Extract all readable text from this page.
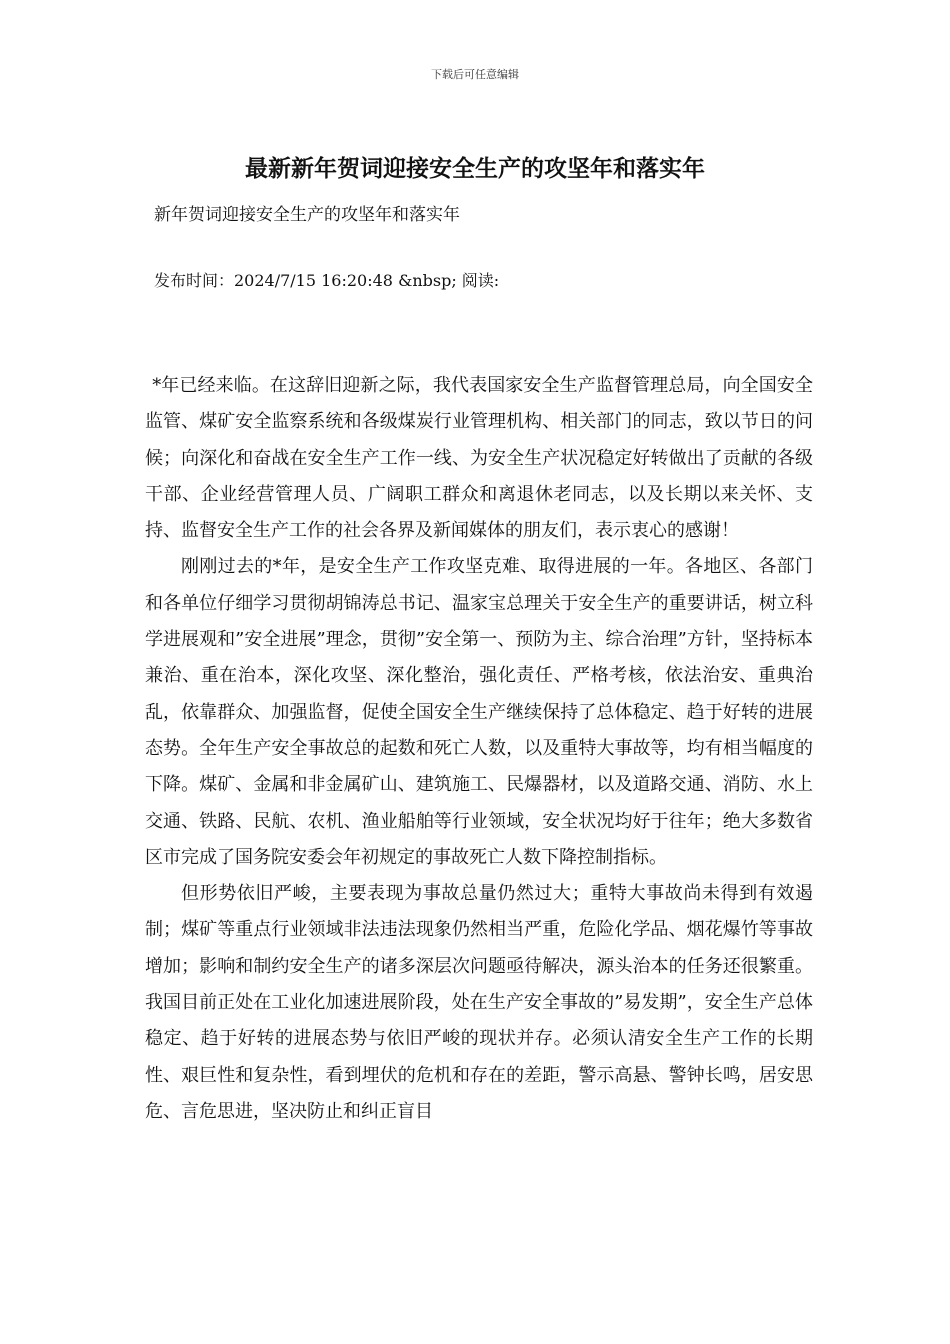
下载后可任意编辑
最新新年贺词迎接安全生产的攻坚年和落实年
新年贺词迎接安全生产的攻坚年和落实年
发布时间：2024/7/15 16:20:48 &nbsp; 阅读:

*年已经来临。在这辞旧迎新之际，我代表国家安全生产监督管理总局，向全国安全监管、煤矿安全监察系统和各级煤炭行业管理机构、相关部门的同志，致以节日的问候；向深化和奋战在安全生产工作一线、为安全生产状况稳定好转做出了贡献的各级干部、企业经营管理人员、广阔职工群众和离退休老同志，以及长期以来关怀、支持、监督安全生产工作的社会各界及新闻媒体的朋友们，表示衷心的感谢！

刚刚过去的*年，是安全生产工作攻坚克难、取得进展的一年。各地区、各部门和各单位仔细学习贯彻胡锦涛总书记、温家宝总理关于安全生产的重要讲话，树立科学进展观和”安全进展”理念，贯彻”安全第一、预防为主、综合治理”方针，坚持标本兼治、重在治本，深化攻坚、深化整治，强化责任、严格考核，依法治安、重典治乱，依靠群众、加强监督，促使全国安全生产继续保持了总体稳定、趋于好转的进展态势。全年生产安全事故总的起数和死亡人数，以及重特大事故等，均有相当幅度的下降。煤矿、金属和非金属矿山、建筑施工、民爆器材，以及道路交通、消防、水上交通、铁路、民航、农机、渔业船舶等行业领域，安全状况均好于往年；绝大多数省区市完成了国务院安委会年初规定的事故死亡人数下降控制指标。

但形势依旧严峻，主要表现为事故总量仍然过大；重特大事故尚未得到有效遏制；煤矿等重点行业领域非法违法现象仍然相当严重，危险化学品、烟花爆竹等事故增加；影响和制约安全生产的诸多深层次问题亟待解决，源头治本的任务还很繁重。我国目前正处在工业化加速进展阶段，处在生产安全事故的”易发期”，安全生产总体稳定、趋于好转的进展态势与依旧严峻的现状并存。必须认清安全生产工作的长期性、艰巨性和复杂性，看到埋伏的危机和存在的差距，警示高悬、警钟长鸣，居安思危、言危思进，坚决防止和纠正盲目
